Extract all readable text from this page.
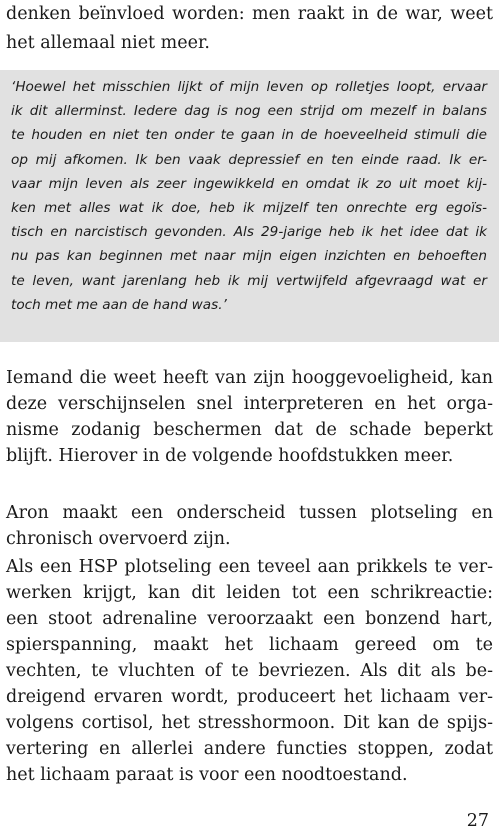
denken beïnvloed worden: men raakt in de war, weet
het allemaal niet meer.
‘Hoewel het misschien lijkt of mijn leven op rolletjes loopt, ervaar
ik dit allerminst. Iedere dag is nog een strijd om mezelf in balans
te houden en niet ten onder te gaan in de hoeveelheid stimuli die
op mij afkomen. Ik ben vaak depressief en ten einde raad. Ik er-
vaar mijn leven als zeer ingewikkeld en omdat ik zo uit moet kij-
ken met alles wat ik doe, heb ik mijzelf ten onrechte erg egoïs-
tisch en narcistisch gevonden. Als 29-jarige heb ik het idee dat ik
nu pas kan beginnen met naar mijn eigen inzichten en behoeften
te leven, want jarenlang heb ik mij vertwijfeld afgevraagd wat er
toch met me aan de hand was.’
Iemand die weet heeft van zijn hooggevoeligheid, kan
deze verschijnselen snel interpreteren en het orga-
nisme zodanig beschermen dat de schade beperkt
blijft. Hierover in de volgende hoofdstukken meer.
Aron maakt een onderscheid tussen plotseling en
chronisch overvoerd zijn.
Als een HSP plotseling een teveel aan prikkels te ver-
werken krijgt, kan dit leiden tot een schrikreactie:
een stoot adrenaline veroorzaakt een bonzend hart,
spierspanning, maakt het lichaam gereed om te
vechten, te vluchten of te bevriezen. Als dit als be-
dreigend ervaren wordt, produceert het lichaam ver-
volgens cortisol, het stresshormoon. Dit kan de spijs-
vertering en allerlei andere functies stoppen, zodat
het lichaam paraat is voor een noodtoestand.
27
